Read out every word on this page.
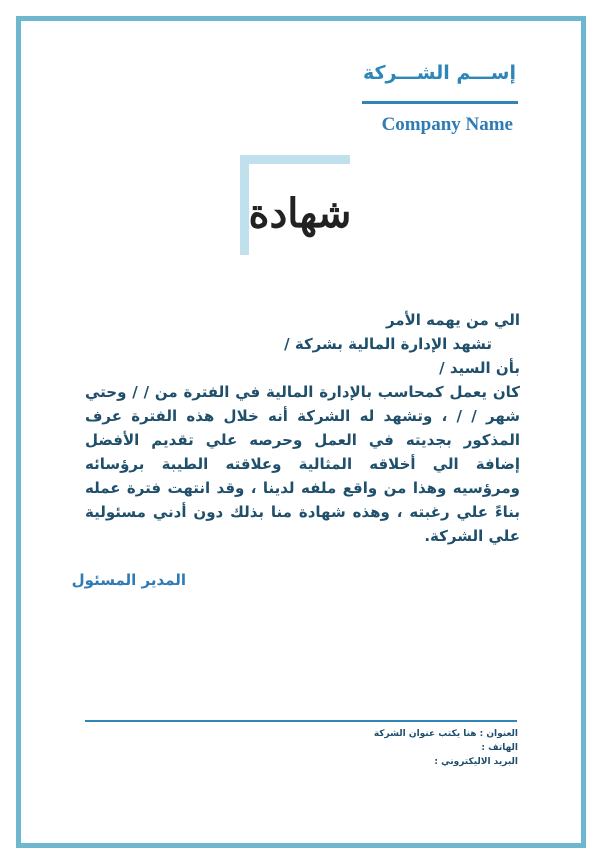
إســـم الشـــركة
Company Name
شهادة

الي من يهمه الأمر

تشهد الإدارة المالية بشركة /

بأن السيد /

كان يعمل كمحاسب بالإدارة المالية في الفترة من / / وحتي شهر / / ، وتشهد له الشركة أنه خلال هذه الفترة عرف المذكور بجديته في العمل وحرصه علي تقديم الأفضل إضافة الي أخلاقه المثالية وعلاقته الطيبة برؤسائه ومرؤسيه وهذا من واقع ملفه لدينا ، وقد انتهت فترة عمله بناءً علي رغبته ، وهذه شهادة منا بذلك دون أدني مسئولية علي الشركة.

المدير المسئول
العنوان : هنا يكتب عنوان الشركة
الهاتف :
البريد الاليكتروني :
